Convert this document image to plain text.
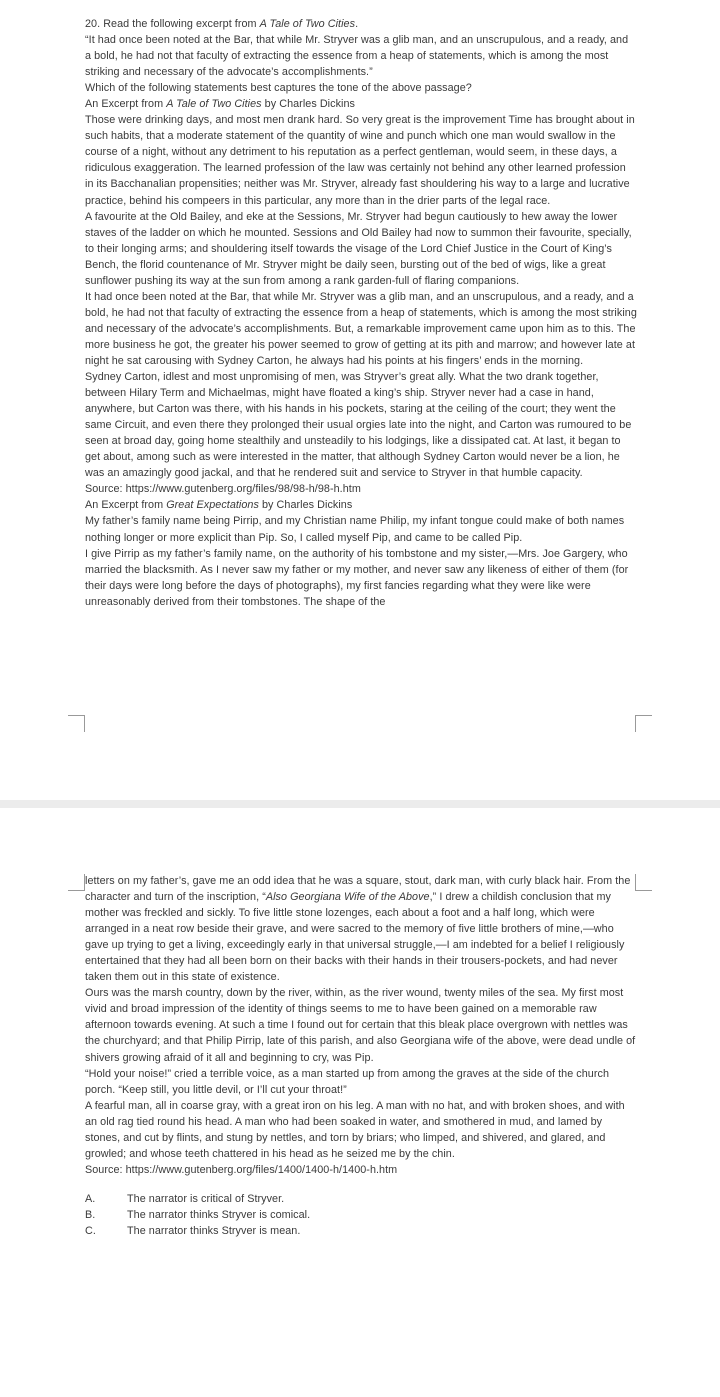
20. Read the following excerpt from A Tale of Two Cities.

“It had once been noted at the Bar, that while Mr. Stryver was a glib man, and an unscrupulous, and a ready, and a bold, he had not that faculty of extracting the essence from a heap of statements, which is among the most striking and necessary of the advocate’s accomplishments.”

Which of the following statements best captures the tone of the above passage?

An Excerpt from A Tale of Two Cities by Charles Dickins

Those were drinking days, and most men drank hard. So very great is the improvement Time has brought about in such habits, that a moderate statement of the quantity of wine and punch which one man would swallow in the course of a night, without any detriment to his reputation as a perfect gentleman, would seem, in these days, a ridiculous exaggeration. The learned profession of the law was certainly not behind any other learned profession in its Bacchanalian propensities; neither was Mr. Stryver, already fast shouldering his way to a large and lucrative practice, behind his compeers in this particular, any more than in the drier parts of the legal race.

A favourite at the Old Bailey, and eke at the Sessions, Mr. Stryver had begun cautiously to hew away the lower staves of the ladder on which he mounted. Sessions and Old Bailey had now to summon their favourite, specially, to their longing arms; and shouldering itself towards the visage of the Lord Chief Justice in the Court of King’s Bench, the florid countenance of Mr. Stryver might be daily seen, bursting out of the bed of wigs, like a great sunflower pushing its way at the sun from among a rank garden-full of flaring companions.

It had once been noted at the Bar, that while Mr. Stryver was a glib man, and an unscrupulous, and a ready, and a bold, he had not that faculty of extracting the essence from a heap of statements, which is among the most striking and necessary of the advocate’s accomplishments. But, a remarkable improvement came upon him as to this. The more business he got, the greater his power seemed to grow of getting at its pith and marrow; and however late at night he sat carousing with Sydney Carton, he always had his points at his fingers’ ends in the morning.

Sydney Carton, idlest and most unpromising of men, was Stryver’s great ally. What the two drank together, between Hilary Term and Michaelmas, might have floated a king’s ship. Stryver never had a case in hand, anywhere, but Carton was there, with his hands in his pockets, staring at the ceiling of the court; they went the same Circuit, and even there they prolonged their usual orgies late into the night, and Carton was rumoured to be seen at broad day, going home stealthily and unsteadily to his lodgings, like a dissipated cat. At last, it began to get about, among such as were interested in the matter, that although Sydney Carton would never be a lion, he was an amazingly good jackal, and that he rendered suit and service to Stryver in that humble capacity.

Source: https://www.gutenberg.org/files/98/98-h/98-h.htm

An Excerpt from Great Expectations by Charles Dickins

My father’s family name being Pirrip, and my Christian name Philip, my infant tongue could make of both names nothing longer or more explicit than Pip. So, I called myself Pip, and came to be called Pip.

I give Pirrip as my father’s family name, on the authority of his tombstone and my sister,—Mrs. Joe Gargery, who married the blacksmith. As I never saw my father or my mother, and never saw any likeness of either of them (for their days were long before the days of photographs), my first fancies regarding what they were like were unreasonably derived from their tombstones. The shape of the

letters on my father’s, gave me an odd idea that he was a square, stout, dark man, with curly black hair. From the character and turn of the inscription, “Also Georgiana Wife of the Above,” I drew a childish conclusion that my mother was freckled and sickly. To five little stone lozenges, each about a foot and a half long, which were arranged in a neat row beside their grave, and were sacred to the memory of five little brothers of mine,—who gave up trying to get a living, exceedingly early in that universal struggle,—I am indebted for a belief I religiously entertained that they had all been born on their backs with their hands in their trousers-pockets, and had never taken them out in this state of existence.

Ours was the marsh country, down by the river, within, as the river wound, twenty miles of the sea. My first most vivid and broad impression of the identity of things seems to me to have been gained on a memorable raw afternoon towards evening. At such a time I found out for certain that this bleak place overgrown with nettles was the churchyard; and that Philip Pirrip, late of this parish, and also Georgiana wife of the above, were dead undle of shivers growing afraid of it all and beginning to cry, was Pip.

“Hold your noise!” cried a terrible voice, as a man started up from among the graves at the side of the church porch. “Keep still, you little devil, or I’ll cut your throat!”

A fearful man, all in coarse gray, with a great iron on his leg. A man with no hat, and with broken shoes, and with an old rag tied round his head. A man who had been soaked in water, and smothered in mud, and lamed by stones, and cut by flints, and stung by nettles, and torn by briars; who limped, and shivered, and glared, and growled; and whose teeth chattered in his head as he seized me by the chin.

Source: https://www.gutenberg.org/files/1400/1400-h/1400-h.htm

A.	The narrator is critical of Stryver.
B.	The narrator thinks Stryver is comical.
C.	The narrator thinks Stryver is mean.
